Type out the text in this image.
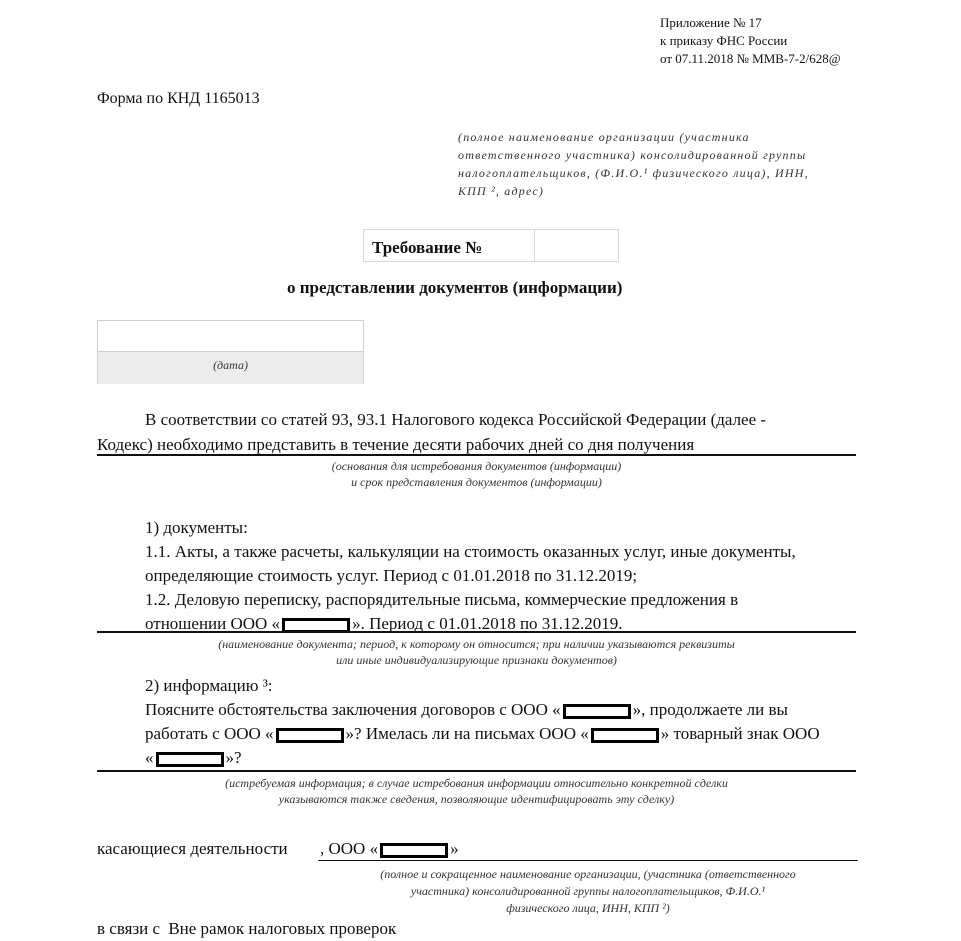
Приложение № 17
к приказу ФНС России
от 07.11.2018 № ММВ-7-2/628@
Форма по КНД 1165013
(полное наименование организации (участника
ответственного участника) консолидированной группы
налогоплательщиков, (Ф.И.О.¹ физического лица), ИНН,
КПП ², адрес)
Требование №
о представлении документов (информации)
(дата)
В соответствии со статей 93, 93.1 Налогового кодекса Российской Федерации (далее -
Кодекс) необходимо представить в течение десяти рабочих дней со дня получения
(основания для истребования документов (информации)
и срок представления документов (информации)
1) документы:
1.1. Акты, а также расчеты, калькуляции на стоимость оказанных услуг, иные документы,
определяющие стоимость услуг. Период с 01.01.2018 по 31.12.2019;
1.2. Деловую переписку, распорядительные письма, коммерческие предложения в
отношении ООО «	». Период с 01.01.2018 по 31.12.2019.
(наименование документа; период, к которому он относится; при наличии указываются реквизиты
или иные индивидуализирующие признаки документов)
2) информацию ³:
Поясните обстоятельства заключения договоров с ООО «	», продолжаете ли вы
работать с ООО «	»? Имелась ли на письмах ООО «	» товарный знак ООО
«	»?
(истребуемая информация; в случае истребования информации относительно конкретной сделки
указываются также сведения, позволяющие идентифицировать эту сделку)
касающиеся деятельности , ООО «	»
(полное и сокращенное наименование организации, (участника (ответственного
участника) консолидированной группы налогоплательщиков, Ф.И.О.¹
физического лица, ИНН, КПП ²)
в связи с Вне рамок налоговых проверок
